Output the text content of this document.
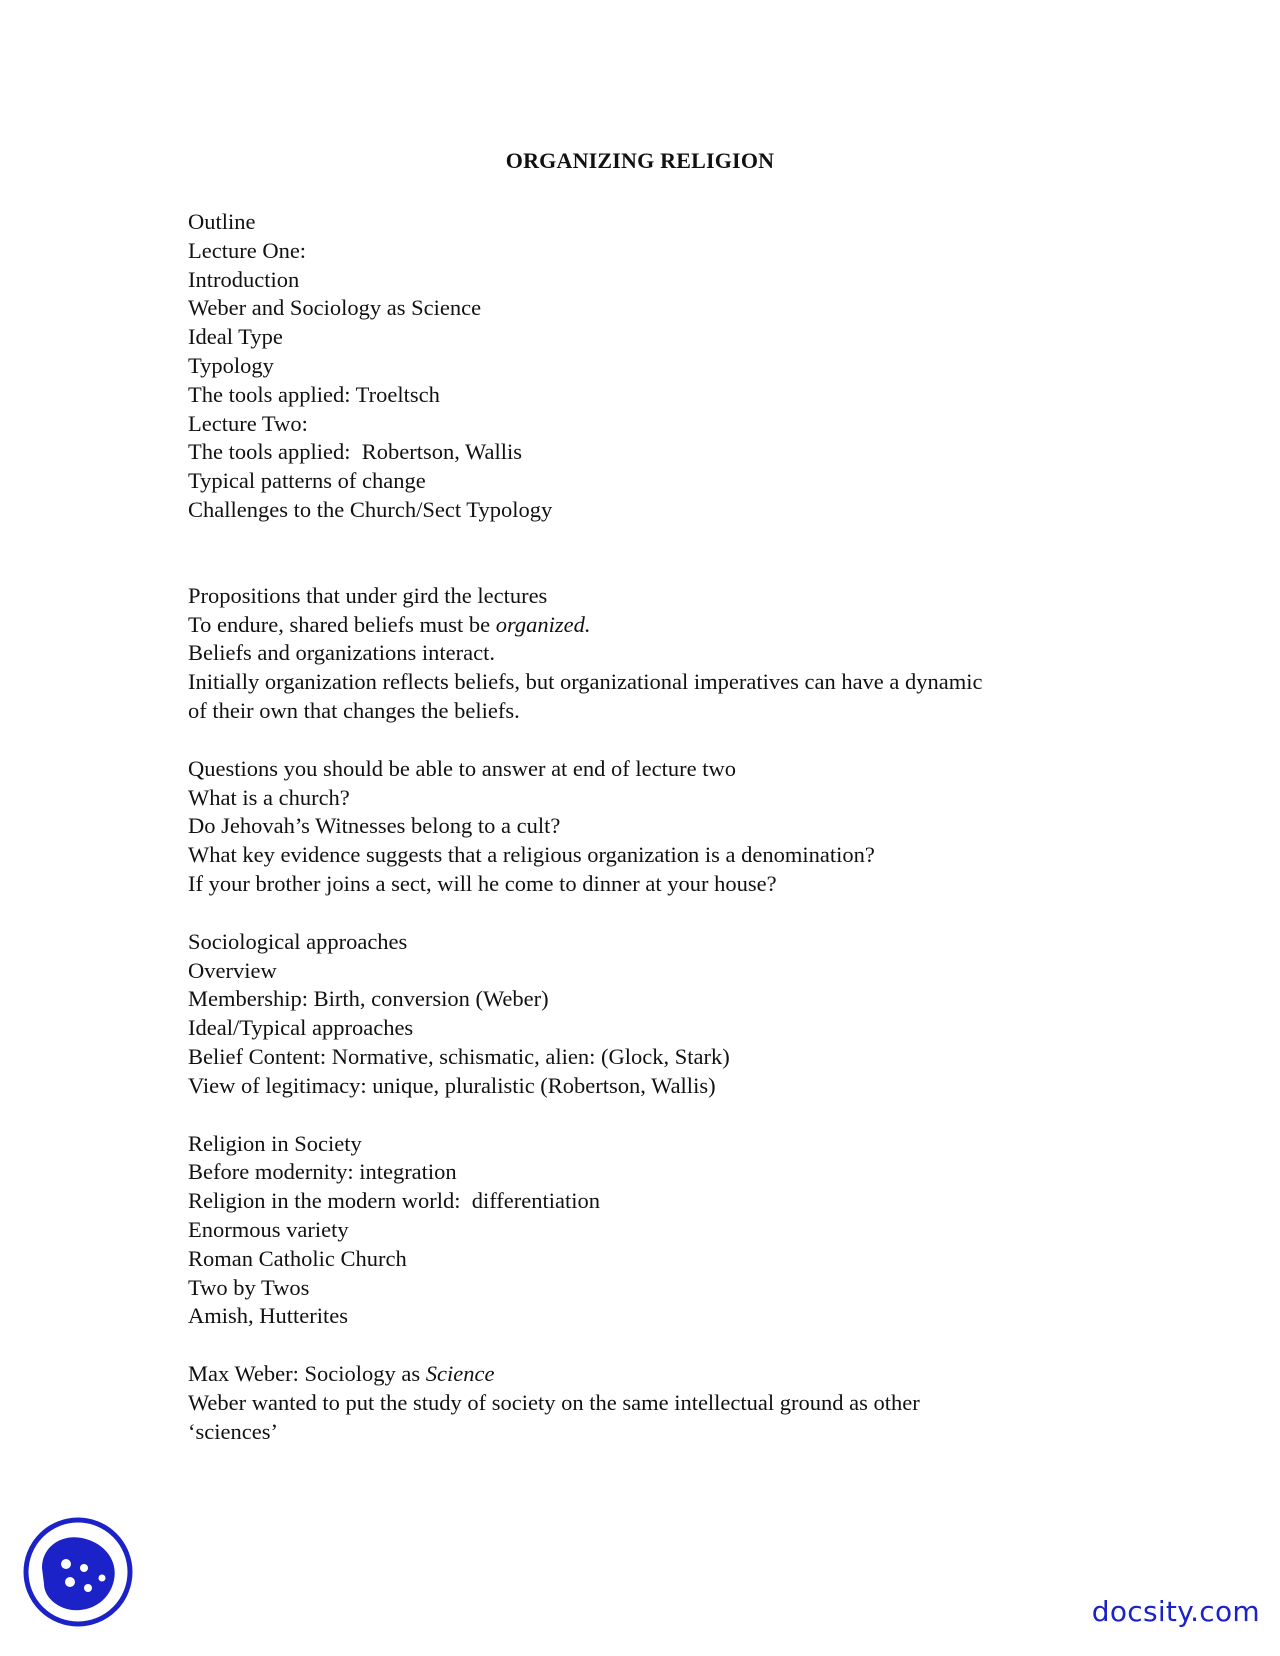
ORGANIZING RELIGION
Outline
Lecture One:
Introduction
Weber and Sociology as Science
Ideal Type
Typology
The tools applied: Troeltsch
Lecture Two:
The tools applied:  Robertson, Wallis
Typical patterns of change
Challenges to the Church/Sect Typology
Propositions that under gird the lectures
To endure, shared beliefs must be organized.
Beliefs and organizations interact.
Initially organization reflects beliefs, but organizational imperatives can have a dynamic
of their own that changes the beliefs.
Questions you should be able to answer at end of lecture two
What is a church?
Do Jehovah’s Witnesses belong to a cult?
What key evidence suggests that a religious organization is a denomination?
If your brother joins a sect, will he come to dinner at your house?
Sociological approaches
Overview
Membership: Birth, conversion (Weber)
Ideal/Typical approaches
Belief Content: Normative, schismatic, alien: (Glock, Stark)
View of legitimacy: unique, pluralistic (Robertson, Wallis)
Religion in Society
Before modernity: integration
Religion in the modern world:  differentiation
Enormous variety
Roman Catholic Church
Two by Twos
Amish, Hutterites
Max Weber: Sociology as Science
Weber wanted to put the study of society on the same intellectual ground as other
‘sciences’
docsity.com
